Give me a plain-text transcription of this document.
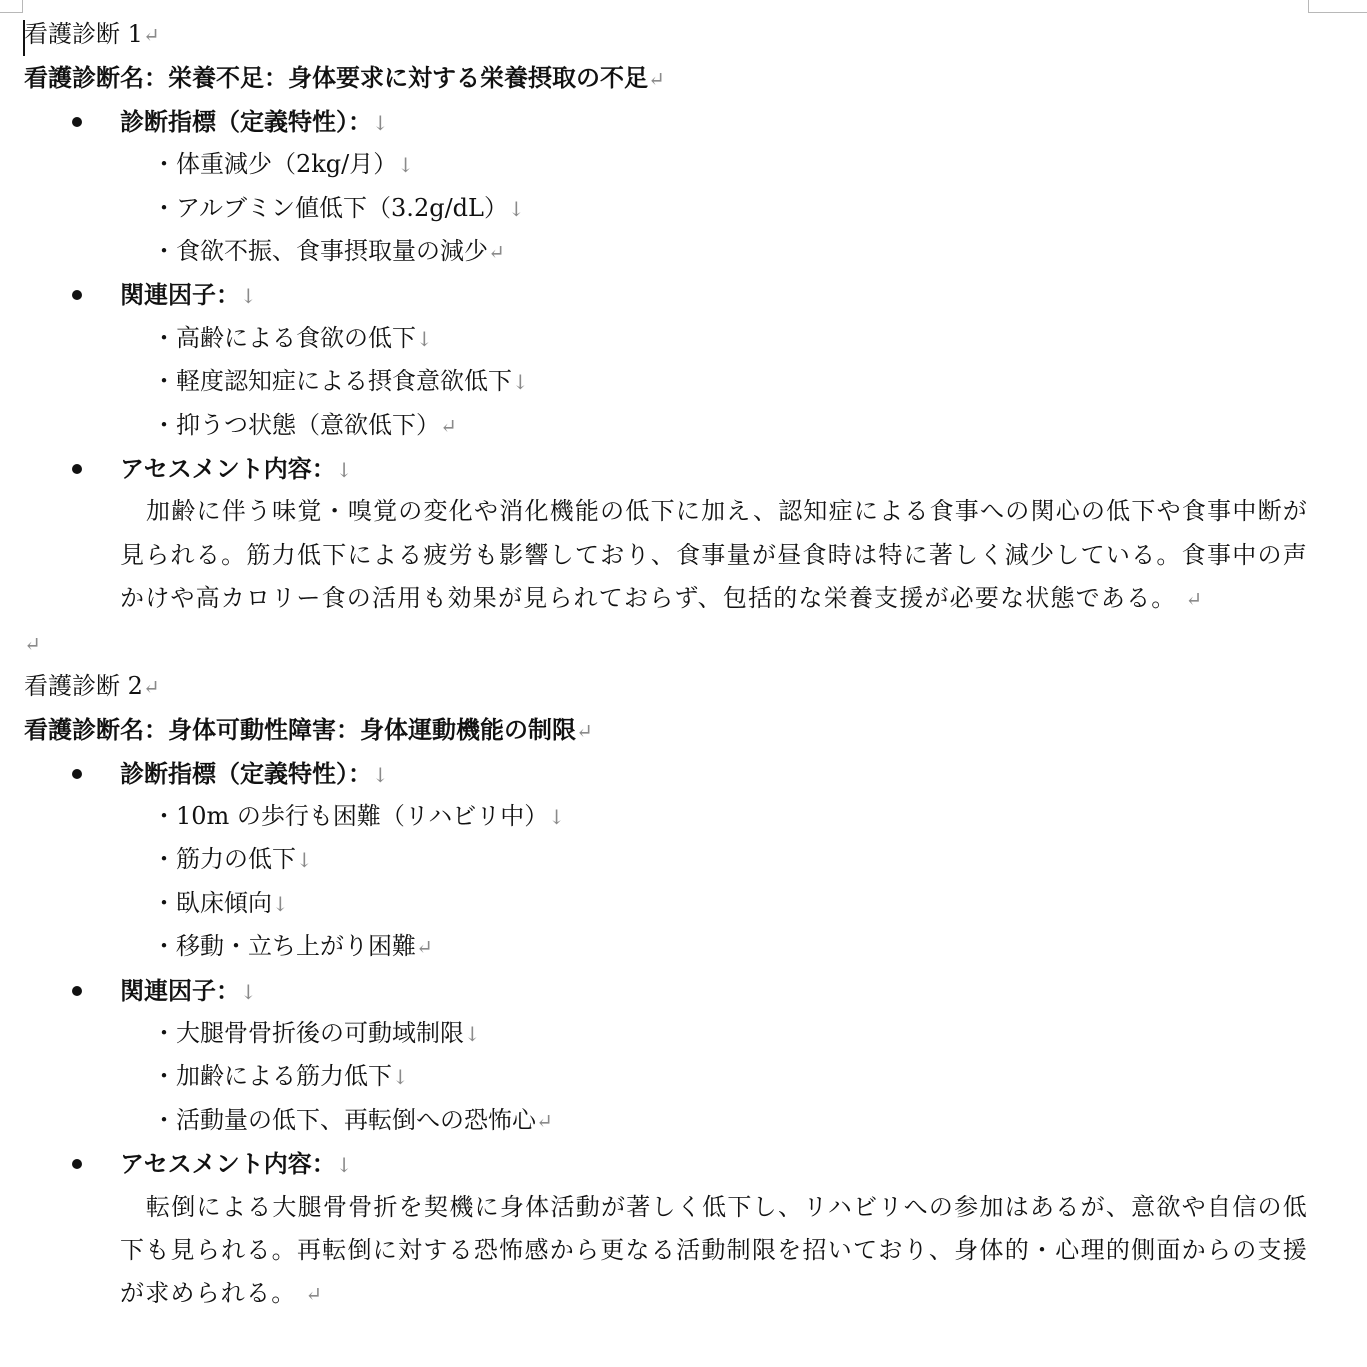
看護診断 1↵
看護診断名：栄養不足：身体要求に対する栄養摂取の不足↵
診断指標（定義特性）：↓
・体重減少（2kg/月）↓
・アルブミン値低下（3.2g/dL）↓
・食欲不振、食事摂取量の減少↵
関連因子：↓
・高齢による食欲の低下↓
・軽度認知症による摂食意欲低下↓
・抑うつ状態（意欲低下）↵
アセスメント内容：↓
加齢に伴う味覚・嗅覚の変化や消化機能の低下に加え、認知症による食事への関心の低下や食事中断が見られる。筋力低下による疲労も影響しており、食事量が昼食時は特に著しく減少している。食事中の声かけや高カロリー食の活用も効果が見られておらず、包括的な栄養支援が必要な状態である。 ↵
↵
看護診断 2↵
看護診断名：身体可動性障害：身体運動機能の制限↵
診断指標（定義特性）：↓
・10m の歩行も困難（リハビリ中）↓
・筋力の低下↓
・臥床傾向↓
・移動・立ち上がり困難↵
関連因子：↓
・大腿骨骨折後の可動域制限↓
・加齢による筋力低下↓
・活動量の低下、再転倒への恐怖心↵
アセスメント内容：↓
転倒による大腿骨骨折を契機に身体活動が著しく低下し、リハビリへの参加はあるが、意欲や自信の低下も見られる。再転倒に対する恐怖感から更なる活動制限を招いており、身体的・心理的側面からの支援が求められる。 ↵
